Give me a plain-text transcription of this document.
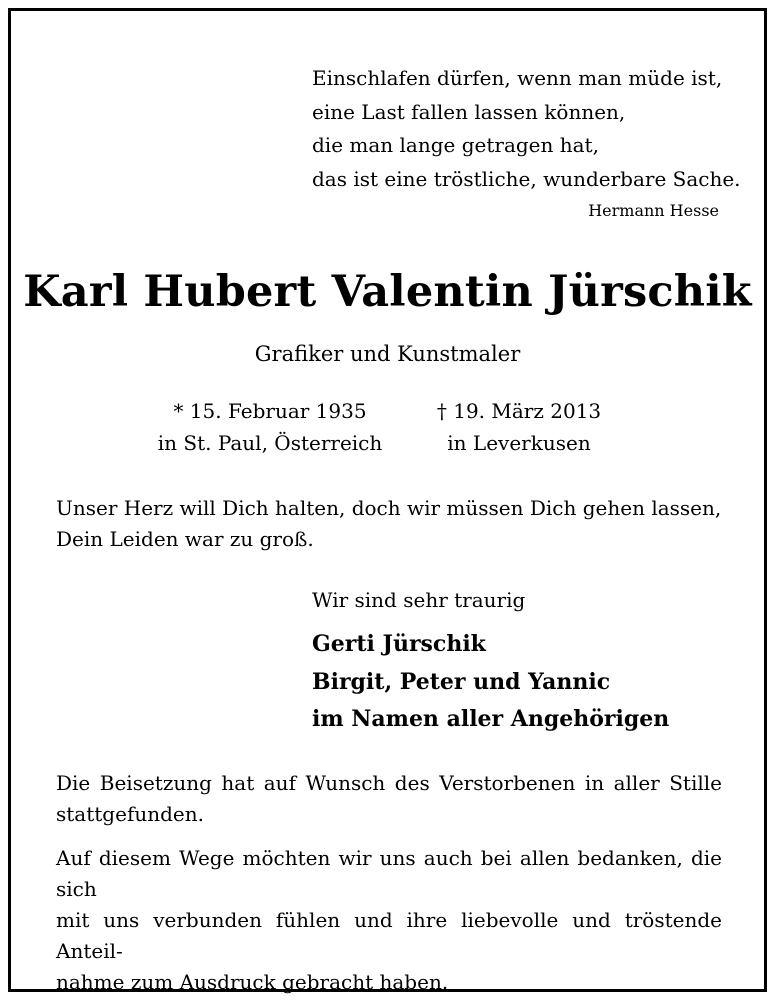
Einschlafen dürfen, wenn man müde ist,
eine Last fallen lassen können,
die man lange getragen hat,
das ist eine tröstliche, wunderbare Sache.
Hermann Hesse
Karl Hubert Valentin Jürschik
Grafiker und Kunstmaler
* 15. Februar 1935
in St. Paul, Österreich
† 19. März 2013
in Leverkusen
Unser Herz will Dich halten, doch wir müssen Dich gehen lassen,
Dein Leiden war zu groß.
Wir sind sehr traurig
Gerti Jürschik
Birgit, Peter und Yannic
im Namen aller Angehörigen
Die Beisetzung hat auf Wunsch des Verstorbenen in aller Stille
stattgefunden.
Auf diesem Wege möchten wir uns auch bei allen bedanken, die sich
mit uns verbunden fühlen und ihre liebevolle und tröstende Anteil-
nahme zum Ausdruck gebracht haben.
